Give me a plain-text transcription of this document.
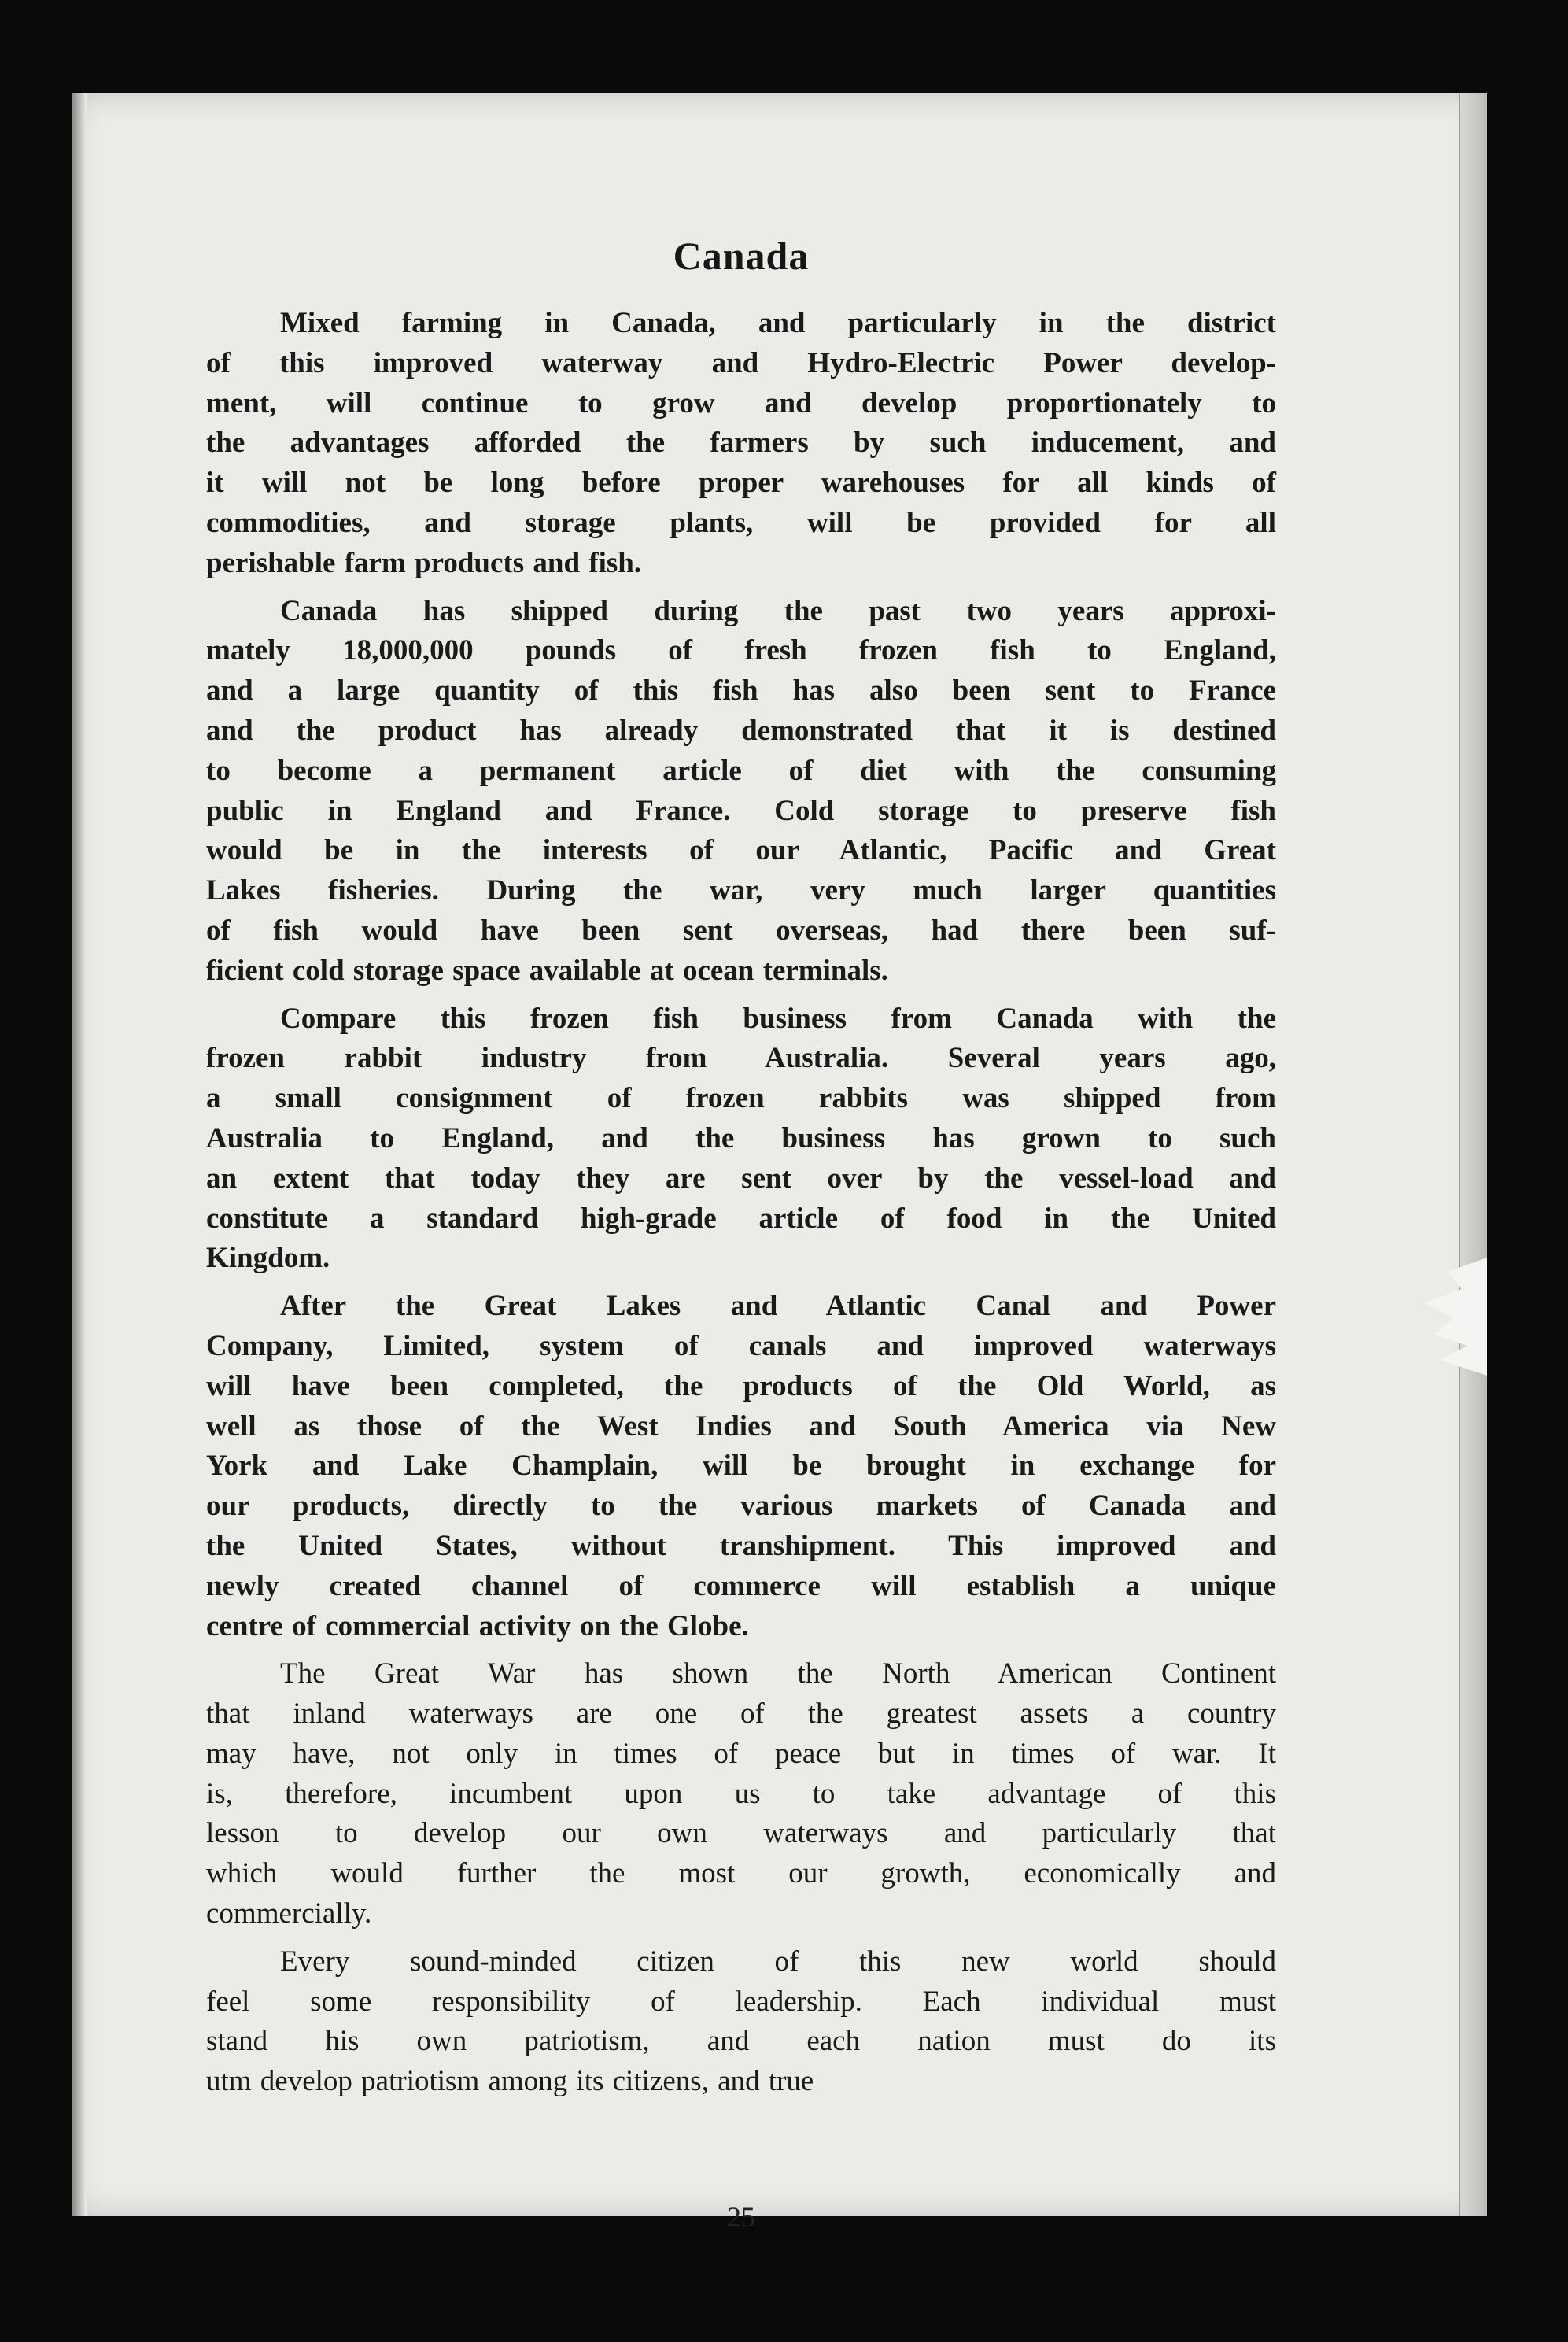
Canada
Mixed farming in Canada, and particularly in the district
of this improved waterway and Hydro-Electric Power develop-
ment, will continue to grow and develop proportionately to
the advantages afforded the farmers by such inducement, and
it will not be long before proper warehouses for all kinds of
commodities, and storage plants, will be provided for all
perishable farm products and fish.
Canada has shipped during the past two years approxi-
mately 18,000,000 pounds of fresh frozen fish to England,
and a large quantity of this fish has also been sent to France
and the product has already demonstrated that it is destined
to become a permanent article of diet with the consuming
public in England and France. Cold storage to preserve fish
would be in the interests of our Atlantic, Pacific and Great
Lakes fisheries. During the war, very much larger quantities
of fish would have been sent overseas, had there been suf-
ficient cold storage space available at ocean terminals.
Compare this frozen fish business from Canada with the
frozen rabbit industry from Australia. Several years ago,
a small consignment of frozen rabbits was shipped from
Australia to England, and the business has grown to such
an extent that today they are sent over by the vessel-load and
constitute a standard high-grade article of food in the United
Kingdom.
After the Great Lakes and Atlantic Canal and Power
Company, Limited, system of canals and improved waterways
will have been completed, the products of the Old World, as
well as those of the West Indies and South America via New
York and Lake Champlain, will be brought in exchange for
our products, directly to the various markets of Canada and
the United States, without transhipment. This improved and
newly created channel of commerce will establish a unique
centre of commercial activity on the Globe.
The Great War has shown the North American Continent
that inland waterways are one of the greatest assets a country
may have, not only in times of peace but in times of war. It
is, therefore, incumbent upon us to take advantage of this
lesson to develop our own waterways and particularly that
which would further the most our growth, economically and
commercially.
Every sound-minded citizen of this new world should
feel some responsibility of leadership. Each individual must
stand his own patriotism, and each nation must do its
utm develop patriotism among its citizens, and true
25
